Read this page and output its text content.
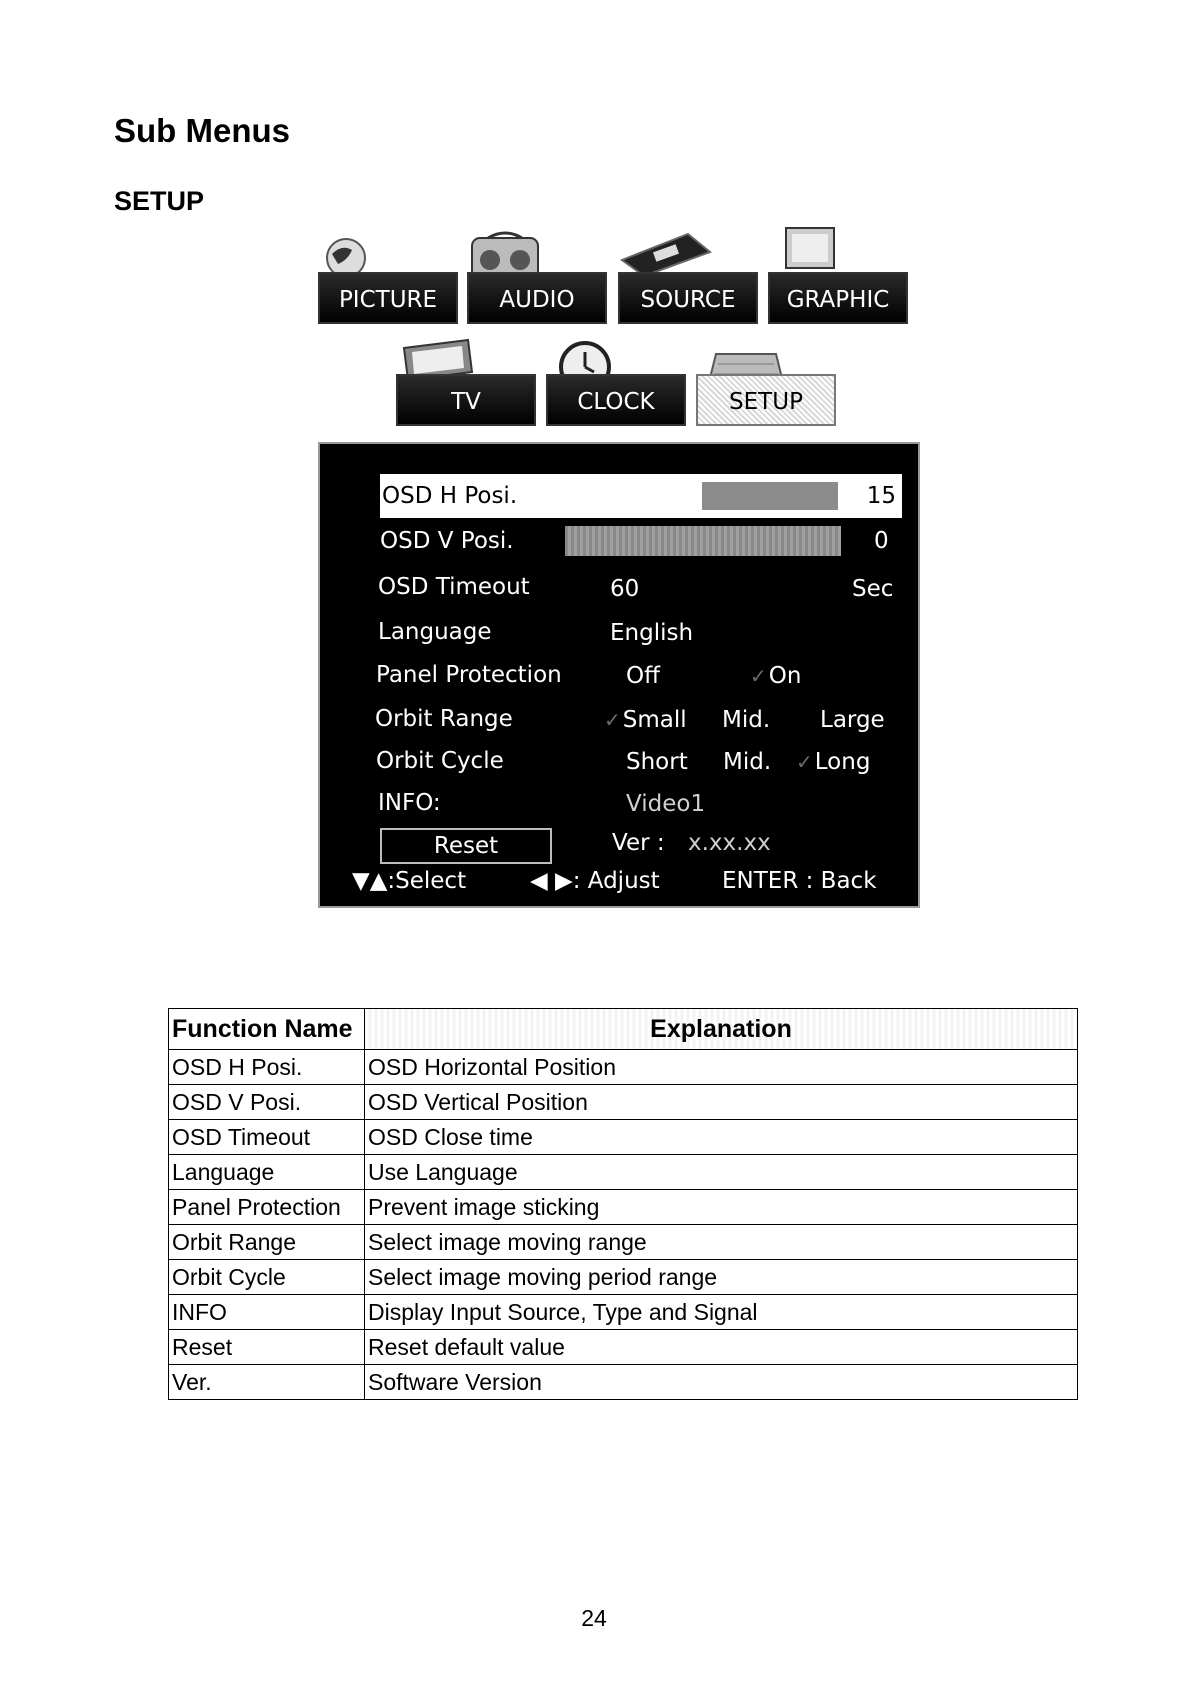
Sub Menus
SETUP
PICTURE	AUDIO	SOURCE	GRAPHIC
TV	CLOCK	SETUP
OSD H Posi.	15
OSD V Posi.	0
OSD Timeout	60	Sec
Language	English
Panel Protection	Off	✓ On
Orbit Range	✓ Small Mid. Large
Orbit Cycle	Short Mid.	✓ Long
INFO:	Video1
Reset	Ver : x.xx.xx
▼▲:Select	◀ ▶: Adjust	ENTER : Back
Function Name	Explanation
OSD H Posi.	OSD Horizontal Position
OSD V Posi.	OSD Vertical Position
OSD Timeout	OSD Close time
Language	Use Language
Panel Protection	Prevent image sticking
Orbit Range	Select image moving range
Orbit Cycle	Select image moving period range
INFO	Display Input Source, Type and Signal
Reset	Reset default value
Ver.	Software Version
24
